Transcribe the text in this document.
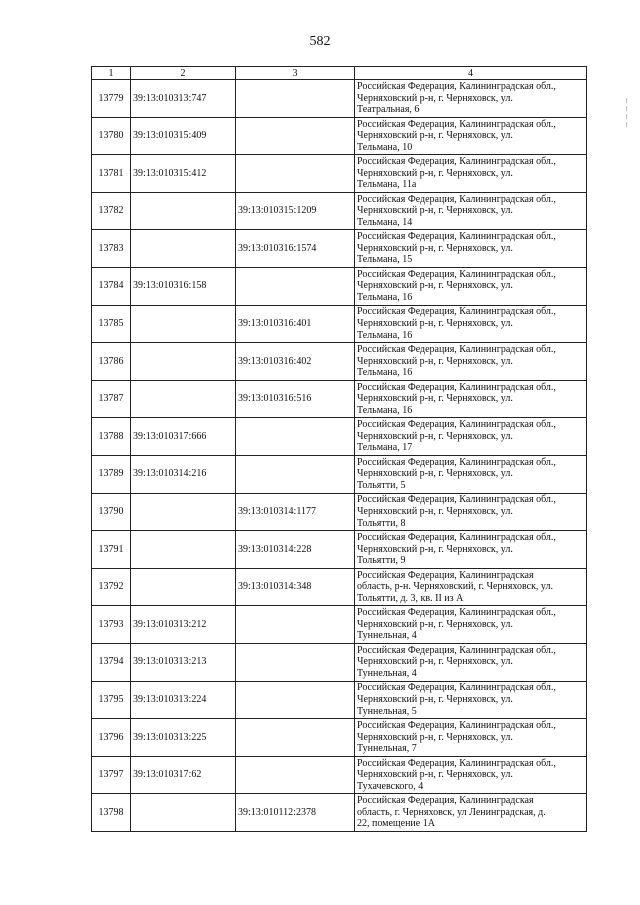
582
1	2	3	4
13779	39:13:010313:747		Российская Федерация, Калининградская обл.,
Черняховский р-н, г. Черняховск, ул.
Театральная, 6
13780	39:13:010315:409		Российская Федерация, Калининградская обл.,
Черняховский р-н, г. Черняховск, ул.
Тельмана, 10
13781	39:13:010315:412		Российская Федерация, Калининградская обл.,
Черняховский р-н, г. Черняховск, ул.
Тельмана, 11а
13782		39:13:010315:1209	Российская Федерация, Калининградская обл.,
Черняховский р-н, г. Черняховск, ул.
Тельмана, 14
13783		39:13:010316:1574	Российская Федерация, Калининградская обл.,
Черняховский р-н, г. Черняховск, ул.
Тельмана, 15
13784	39:13:010316:158		Российская Федерация, Калининградская обл.,
Черняховский р-н, г. Черняховск, ул.
Тельмана, 16
13785		39:13:010316:401	Российская Федерация, Калининградская обл.,
Черняховский р-н, г. Черняховск, ул.
Тельмана, 16
13786		39:13:010316:402	Российская Федерация, Калининградская обл.,
Черняховский р-н, г. Черняховск, ул.
Тельмана, 16
13787		39:13:010316:516	Российская Федерация, Калининградская обл.,
Черняховский р-н, г. Черняховск, ул.
Тельмана, 16
13788	39:13:010317:666		Российская Федерация, Калининградская обл.,
Черняховский р-н, г. Черняховск, ул.
Тельмана, 17
13789	39:13:010314:216		Российская Федерация, Калининградская обл.,
Черняховский р-н, г. Черняховск, ул.
Тольятти, 5
13790		39:13:010314:1177	Российская Федерация, Калининградская обл.,
Черняховский р-н, г. Черняховск, ул.
Тольятти, 8
13791		39:13:010314:228	Российская Федерация, Калининградская обл.,
Черняховский р-н, г. Черняховск, ул.
Тольятти, 9
13792		39:13:010314:348	Российская Федерация, Калининградская
область, р-н. Черняховский, г. Черняховск, ул.
Тольятти, д. 3, кв. II из А
13793	39:13:010313:212		Российская Федерация, Калининградская обл.,
Черняховский р-н, г. Черняховск, ул.
Туннельная, 4
13794	39:13:010313:213		Российская Федерация, Калининградская обл.,
Черняховский р-н, г. Черняховск, ул.
Туннельная, 4
13795	39:13:010313:224		Российская Федерация, Калининградская обл.,
Черняховский р-н, г. Черняховск, ул.
Туннельная, 5
13796	39:13:010313:225		Российская Федерация, Калининградская обл.,
Черняховский р-н, г. Черняховск, ул.
Туннельная, 7
13797	39:13:010317:62		Российская Федерация, Калининградская обл.,
Черняховский р-н, г. Черняховск, ул.
Тухачевского, 4
13798		39:13:010112:2378	Российская Федерация, Калининградская
область, г. Черняховск, ул Ленинградская, д.
22, помещение 1А
